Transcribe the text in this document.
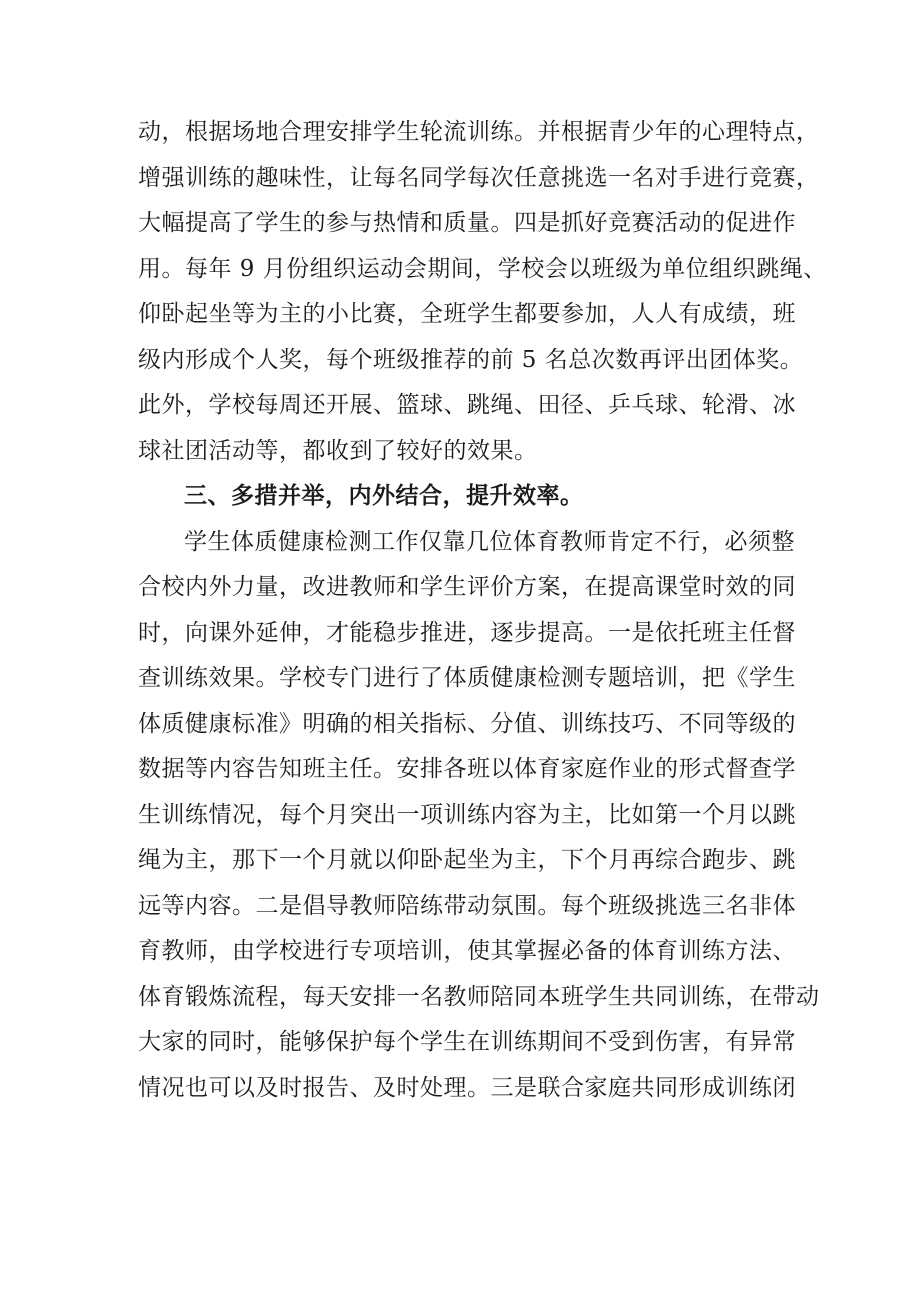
动，根据场地合理安排学生轮流训练。并根据青少年的心理特点，
增强训练的趣味性，让每名同学每次任意挑选一名对手进行竞赛，
大幅提高了学生的参与热情和质量。四是抓好竞赛活动的促进作
用。每年 9 月份组织运动会期间，学校会以班级为单位组织跳绳、
仰卧起坐等为主的小比赛，全班学生都要参加，人人有成绩，班
级内形成个人奖，每个班级推荐的前 5 名总次数再评出团体奖。
此外，学校每周还开展、篮球、跳绳、田径、乒乓球、轮滑、冰
球社团活动等，都收到了较好的效果。
三、多措并举，内外结合，提升效率。
学生体质健康检测工作仅靠几位体育教师肯定不行，必须整
合校内外力量，改进教师和学生评价方案，在提高课堂时效的同
时，向课外延伸，才能稳步推进，逐步提高。一是依托班主任督
查训练效果。学校专门进行了体质健康检测专题培训，把《学生
体质健康标准》明确的相关指标、分值、训练技巧、不同等级的
数据等内容告知班主任。安排各班以体育家庭作业的形式督查学
生训练情况，每个月突出一项训练内容为主，比如第一个月以跳
绳为主，那下一个月就以仰卧起坐为主，下个月再综合跑步、跳
远等内容。二是倡导教师陪练带动氛围。每个班级挑选三名非体
育教师，由学校进行专项培训，使其掌握必备的体育训练方法、
体育锻炼流程，每天安排一名教师陪同本班学生共同训练，在带动
大家的同时，能够保护每个学生在训练期间不受到伤害，有异常
情况也可以及时报告、及时处理。三是联合家庭共同形成训练闭
